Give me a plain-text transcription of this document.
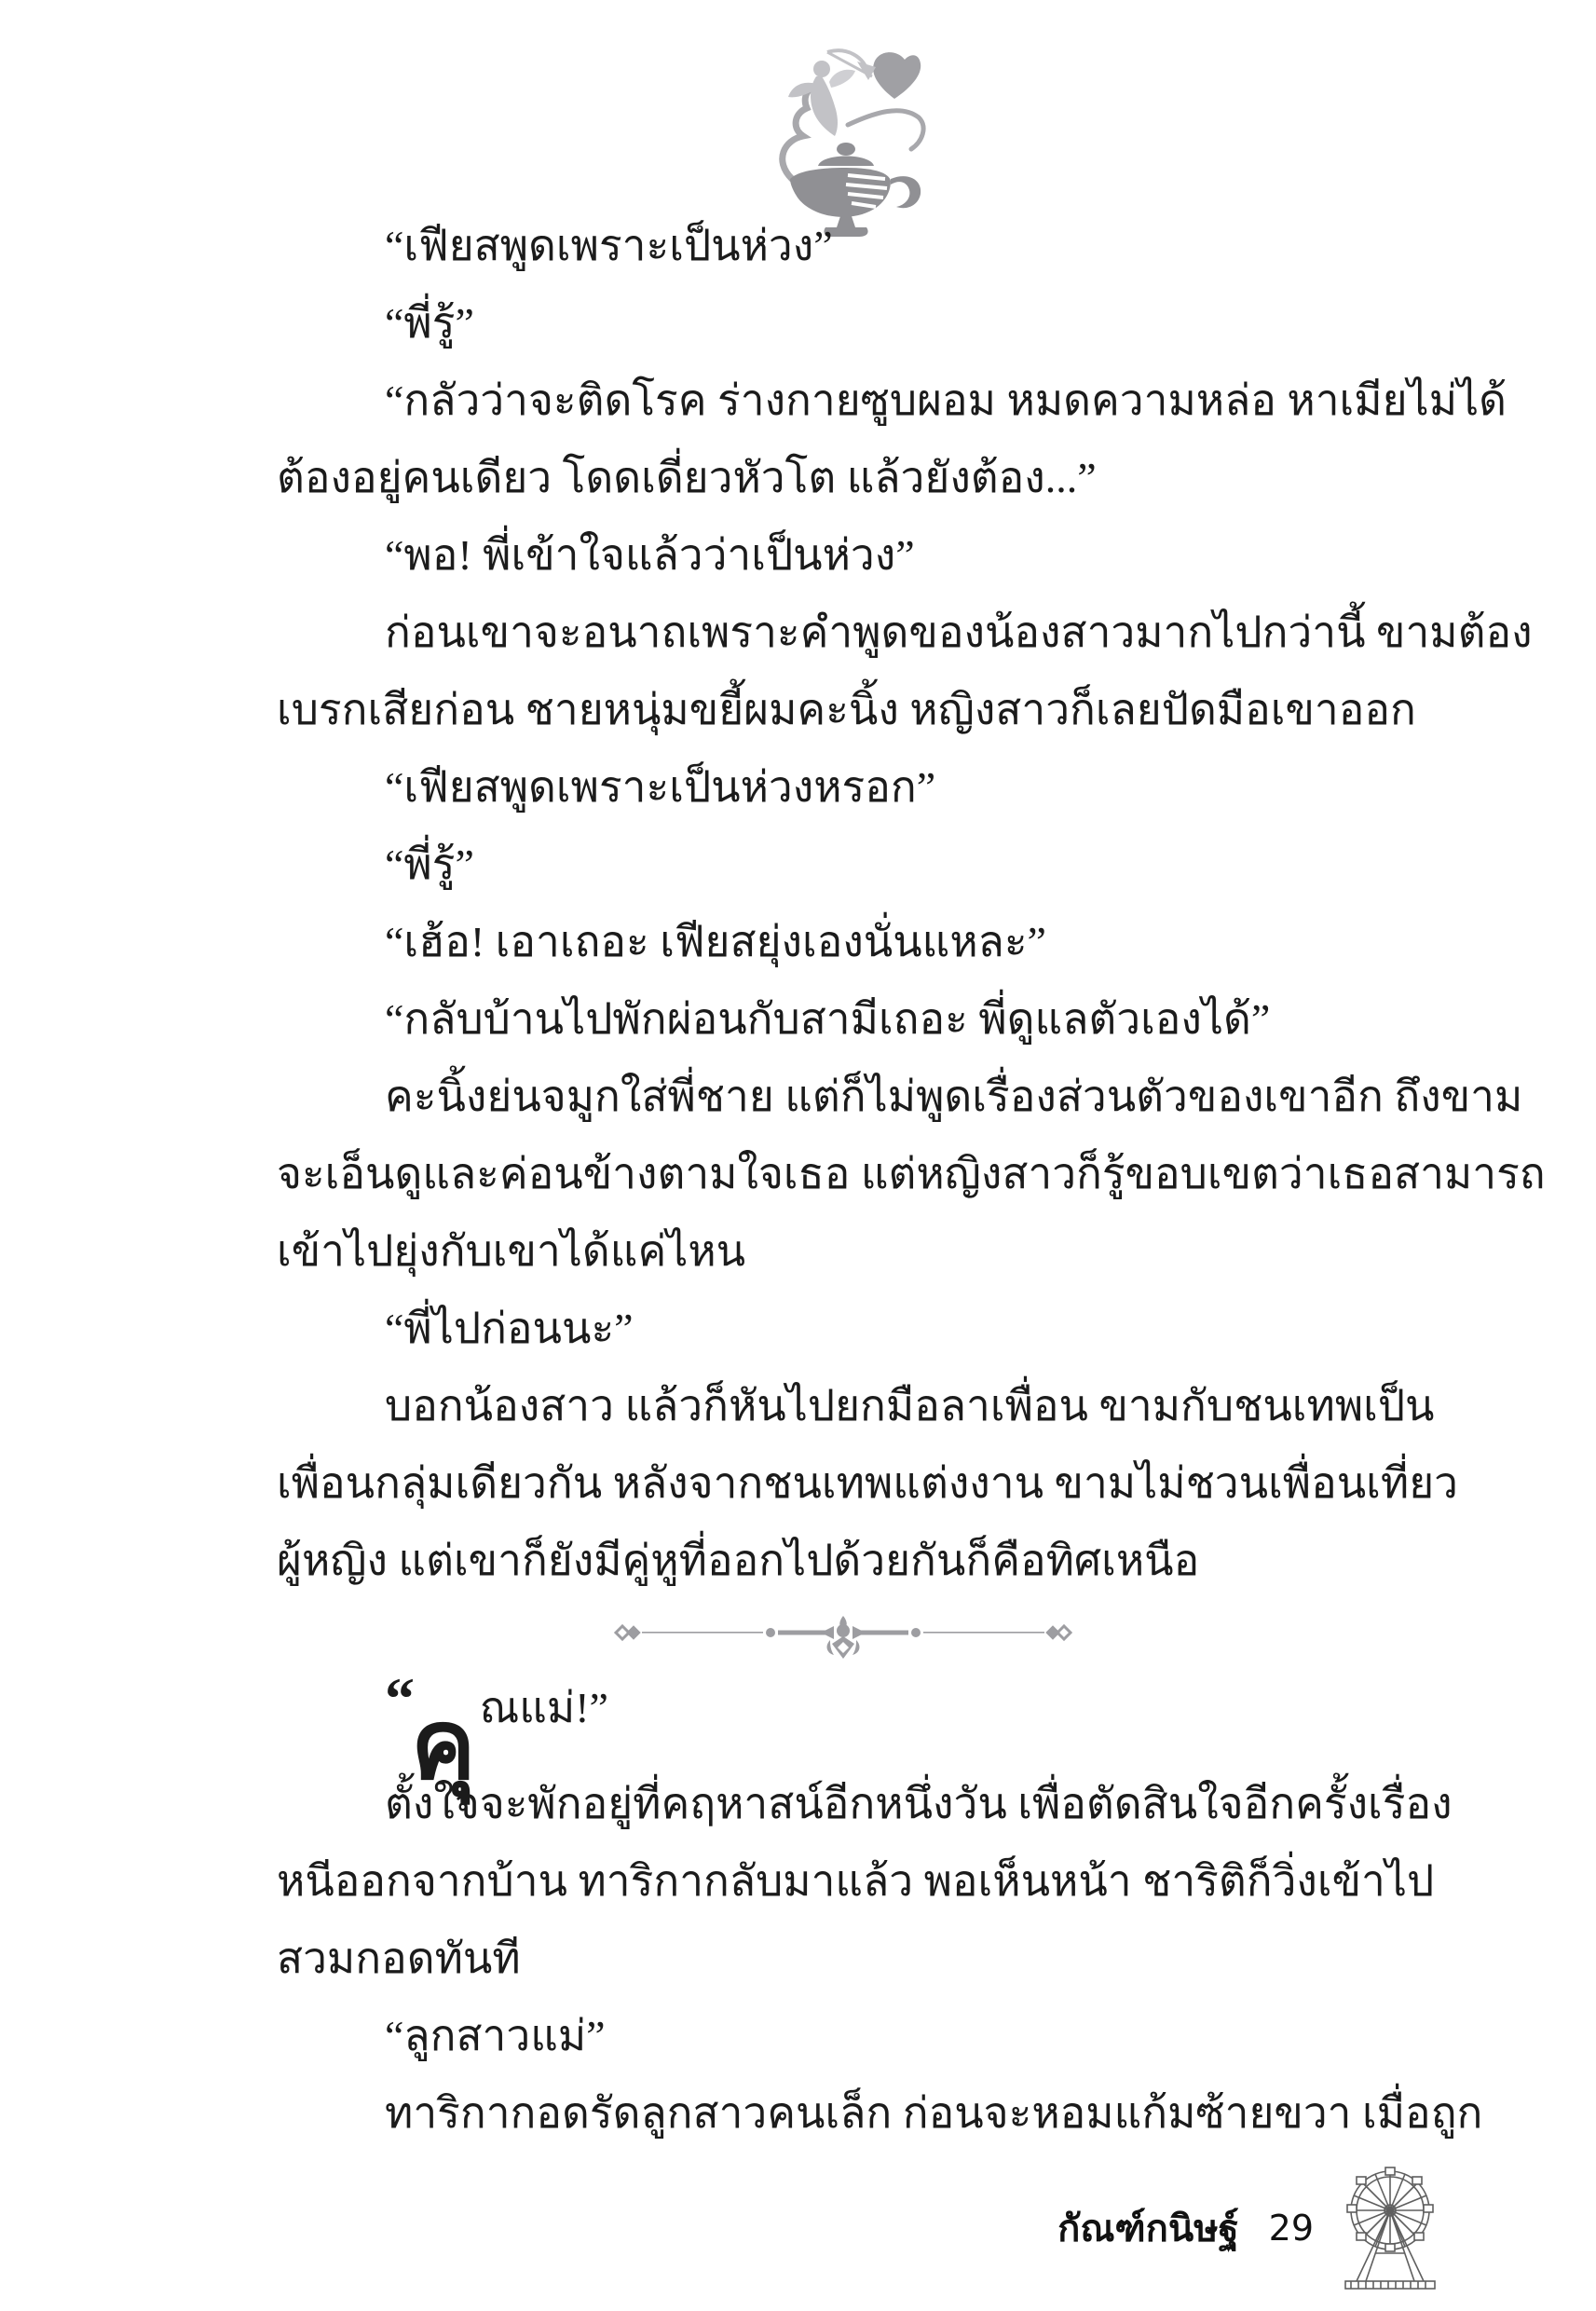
“เฟียสพูดเพราะเป็นห่วง”
“พี่รู้”
“กลัวว่าจะติดโรค ร่างกายซูบผอม หมดความหล่อ หาเมียไม่ได้
ต้องอยู่คนเดียว โดดเดี่ยวหัวโต แล้วยังต้อง...”
“พอ! พี่เข้าใจแล้วว่าเป็นห่วง”
ก่อนเขาจะอนาถเพราะคำพูดของน้องสาวมากไปกว่านี้ ขามต้อง
เบรกเสียก่อน ชายหนุ่มขยี้ผมคะนิ้ง หญิงสาวก็เลยปัดมือเขาออก
“เฟียสพูดเพราะเป็นห่วงหรอก”
“พี่รู้”
“เฮ้อ! เอาเถอะ เฟียสยุ่งเองนั่นแหละ”
“กลับบ้านไปพักผ่อนกับสามีเถอะ พี่ดูแลตัวเองได้”
คะนิ้งย่นจมูกใส่พี่ชาย แต่ก็ไม่พูดเรื่องส่วนตัวของเขาอีก ถึงขาม
จะเอ็นดูและค่อนข้างตามใจเธอ แต่หญิงสาวก็รู้ขอบเขตว่าเธอสามารถ
เข้าไปยุ่งกับเขาได้แค่ไหน
“พี่ไปก่อนนะ”
บอกน้องสาว แล้วก็หันไปยกมือลาเพื่อน ขามกับชนเทพเป็น
เพื่อนกลุ่มเดียวกัน หลังจากชนเทพแต่งงาน ขามไม่ชวนเพื่อนเที่ยว
ผู้หญิง แต่เขาก็ยังมีคู่หูที่ออกไปด้วยกันก็คือทิศเหนือ
“คุณแม่!”
ตั้งใจจะพักอยู่ที่คฤหาสน์อีกหนึ่งวัน เพื่อตัดสินใจอีกครั้งเรื่อง
หนีออกจากบ้าน ทาริกากลับมาแล้ว พอเห็นหน้า ชาริติก็วิ่งเข้าไป
สวมกอดทันที
“ลูกสาวแม่”
ทาริกากอดรัดลูกสาวคนเล็ก ก่อนจะหอมแก้มซ้ายขวา เมื่อถูก
กัณฑ์กนิษฐ์ 29
